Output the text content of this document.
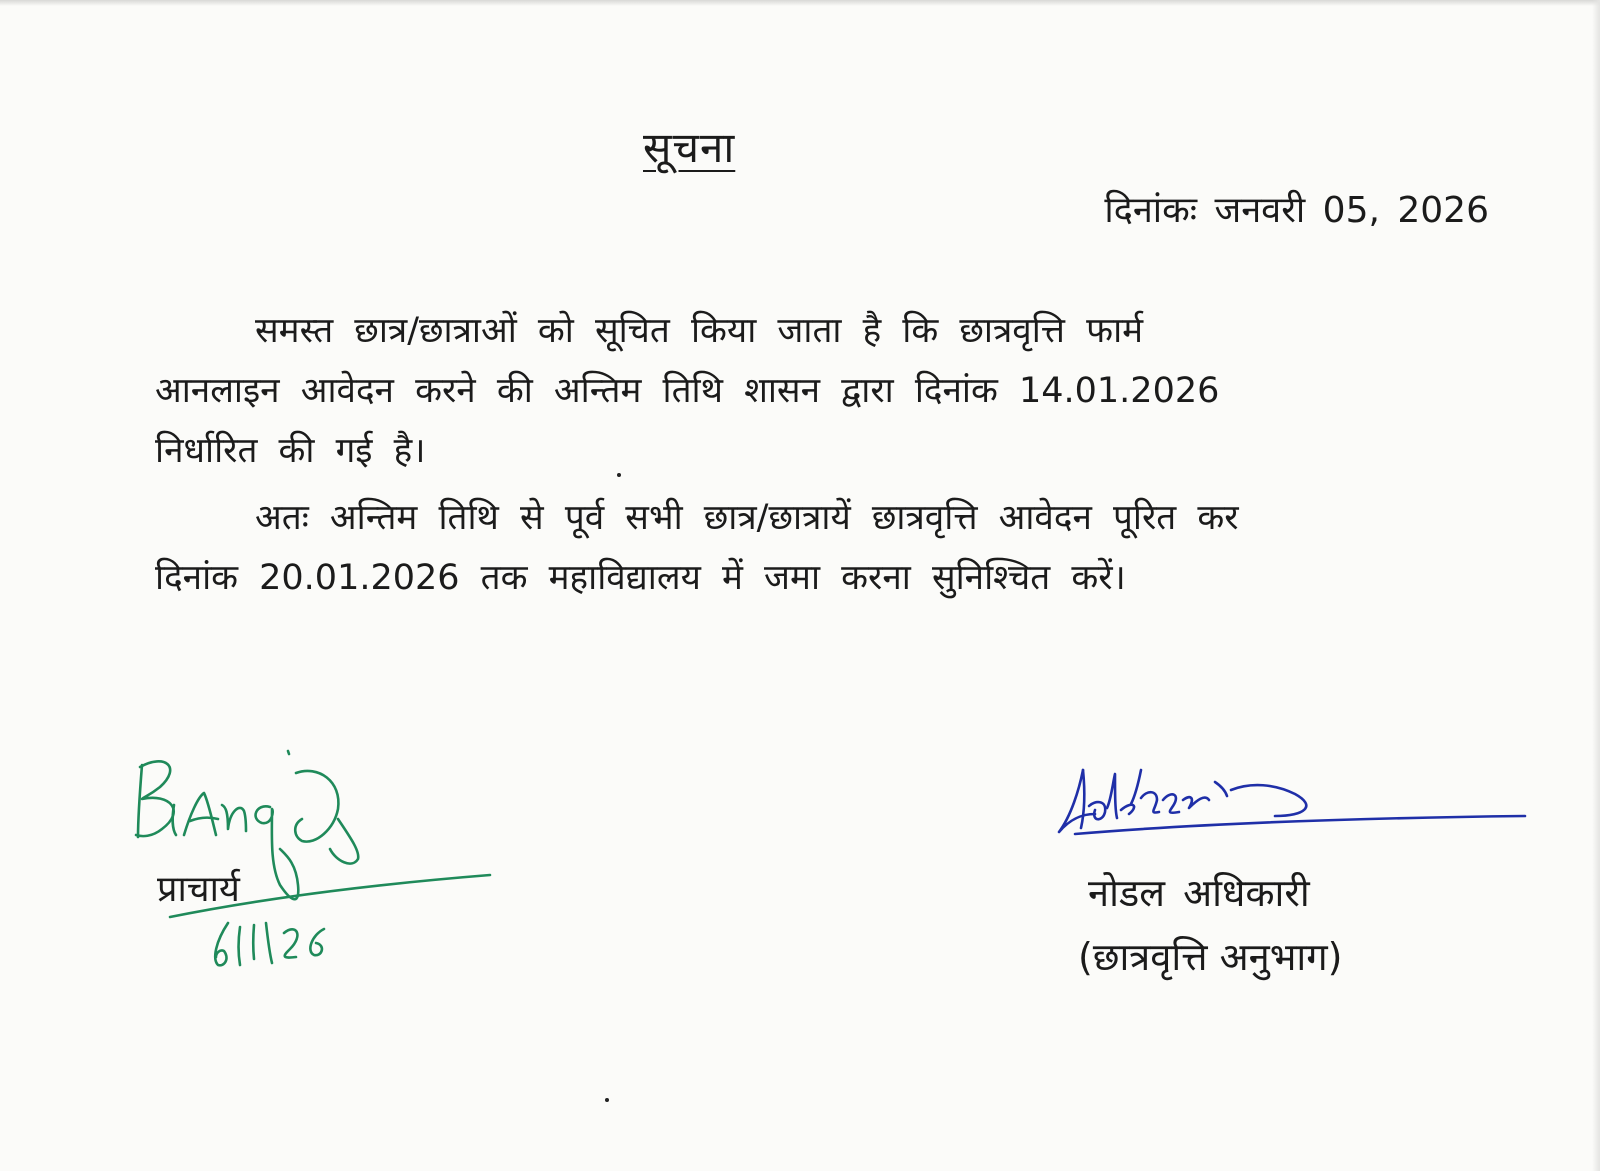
सूचना
दिनांकः जनवरी 05, 2026
समस्त छात्र/छात्राओं को सूचित किया जाता है कि छात्रवृत्ति फार्म
आनलाइन आवेदन करने की अन्तिम तिथि शासन द्वारा दिनांक 14.01.2026
निर्धारित की गई है।
अतः अन्तिम तिथि से पूर्व सभी छात्र/छात्रायें छात्रवृत्ति आवेदन पूरित कर
दिनांक 20.01.2026 तक महाविद्यालय में जमा करना सुनिश्चित करें।
प्राचार्य	नोडल अधिकारी
(छात्रवृत्ति अनुभाग)
